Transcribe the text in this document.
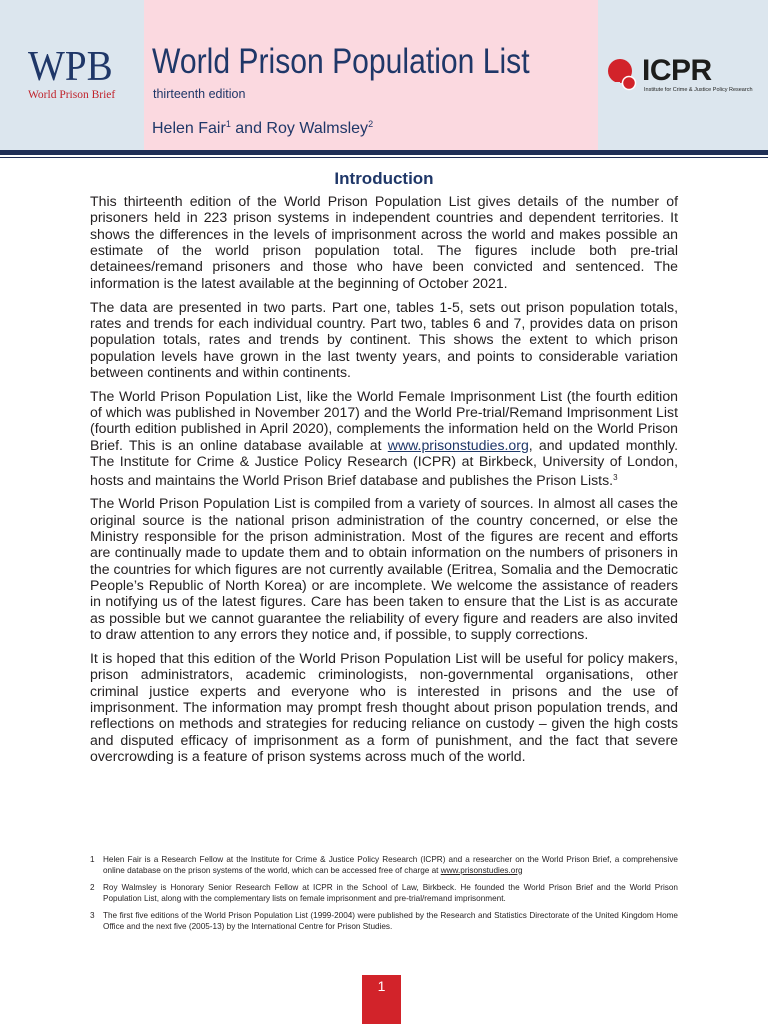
WPB
World Prison Brief
World Prison Population List
thirteenth edition
Helen Fair$^1$ and Roy Walmsley$^2$
ICPR
Institute for Crime & Justice Policy Research
Introduction

This thirteenth edition of the World Prison Population List gives details of the number of prisoners held in 223 prison systems in independent countries and dependent territories. It shows the differences in the levels of imprisonment across the world and makes possible an estimate of the world prison population total. The figures include both pre-trial detainees/remand prisoners and those who have been convicted and sentenced. The information is the latest available at the beginning of October 2021.

The data are presented in two parts. Part one, tables 1-5, sets out prison population totals, rates and trends for each individual country. Part two, tables 6 and 7, provides data on prison population totals, rates and trends by continent. This shows the extent to which prison population levels have grown in the last twenty years, and points to considerable variation between continents and within continents.

The World Prison Population List, like the World Female Imprisonment List (the fourth edition of which was published in November 2017) and the World Pre-trial/Remand Imprisonment List (fourth edition published in April 2020), complements the information held on the World Prison Brief. This is an online database available at www.prisonstudies.org, and updated monthly. The Institute for Crime & Justice Policy Research (ICPR) at Birkbeck, University of London, hosts and maintains the World Prison Brief database and publishes the Prison Lists.$^3$

The World Prison Population List is compiled from a variety of sources. In almost all cases the original source is the national prison administration of the country concerned, or else the Ministry responsible for the prison administration. Most of the figures are recent and efforts are continually made to update them and to obtain information on the numbers of prisoners in the countries for which figures are not currently available (Eritrea, Somalia and the Democratic People’s Republic of North Korea) or are incomplete. We welcome the assistance of readers in notifying us of the latest figures. Care has been taken to ensure that the List is as accurate as possible but we cannot guarantee the reliability of every figure and readers are also invited to draw attention to any errors they notice and, if possible, to supply corrections.

It is hoped that this edition of the World Prison Population List will be useful for policy makers, prison administrators, academic criminologists, non-governmental organisations, other criminal justice experts and everyone who is interested in prisons and the use of imprisonment. The information may prompt fresh thought about prison population trends, and reflections on methods and strategies for reducing reliance on custody – given the high costs and disputed efficacy of imprisonment as a form of punishment, and the fact that severe overcrowding is a feature of prison systems across much of the world.

1 Helen Fair is a Research Fellow at the Institute for Crime & Justice Policy Research (ICPR) and a researcher on the World Prison Brief, a comprehensive online database on the prison systems of the world, which can be accessed free of charge at www.prisonstudies.org
2 Roy Walmsley is Honorary Senior Research Fellow at ICPR in the School of Law, Birkbeck. He founded the World Prison Brief and the World Prison Population List, along with the complementary lists on female imprisonment and pre-trial/remand imprisonment.
3 The first five editions of the World Prison Population List (1999-2004) were published by the Research and Statistics Directorate of the United Kingdom Home Office and the next five (2005-13) by the International Centre for Prison Studies.
1
